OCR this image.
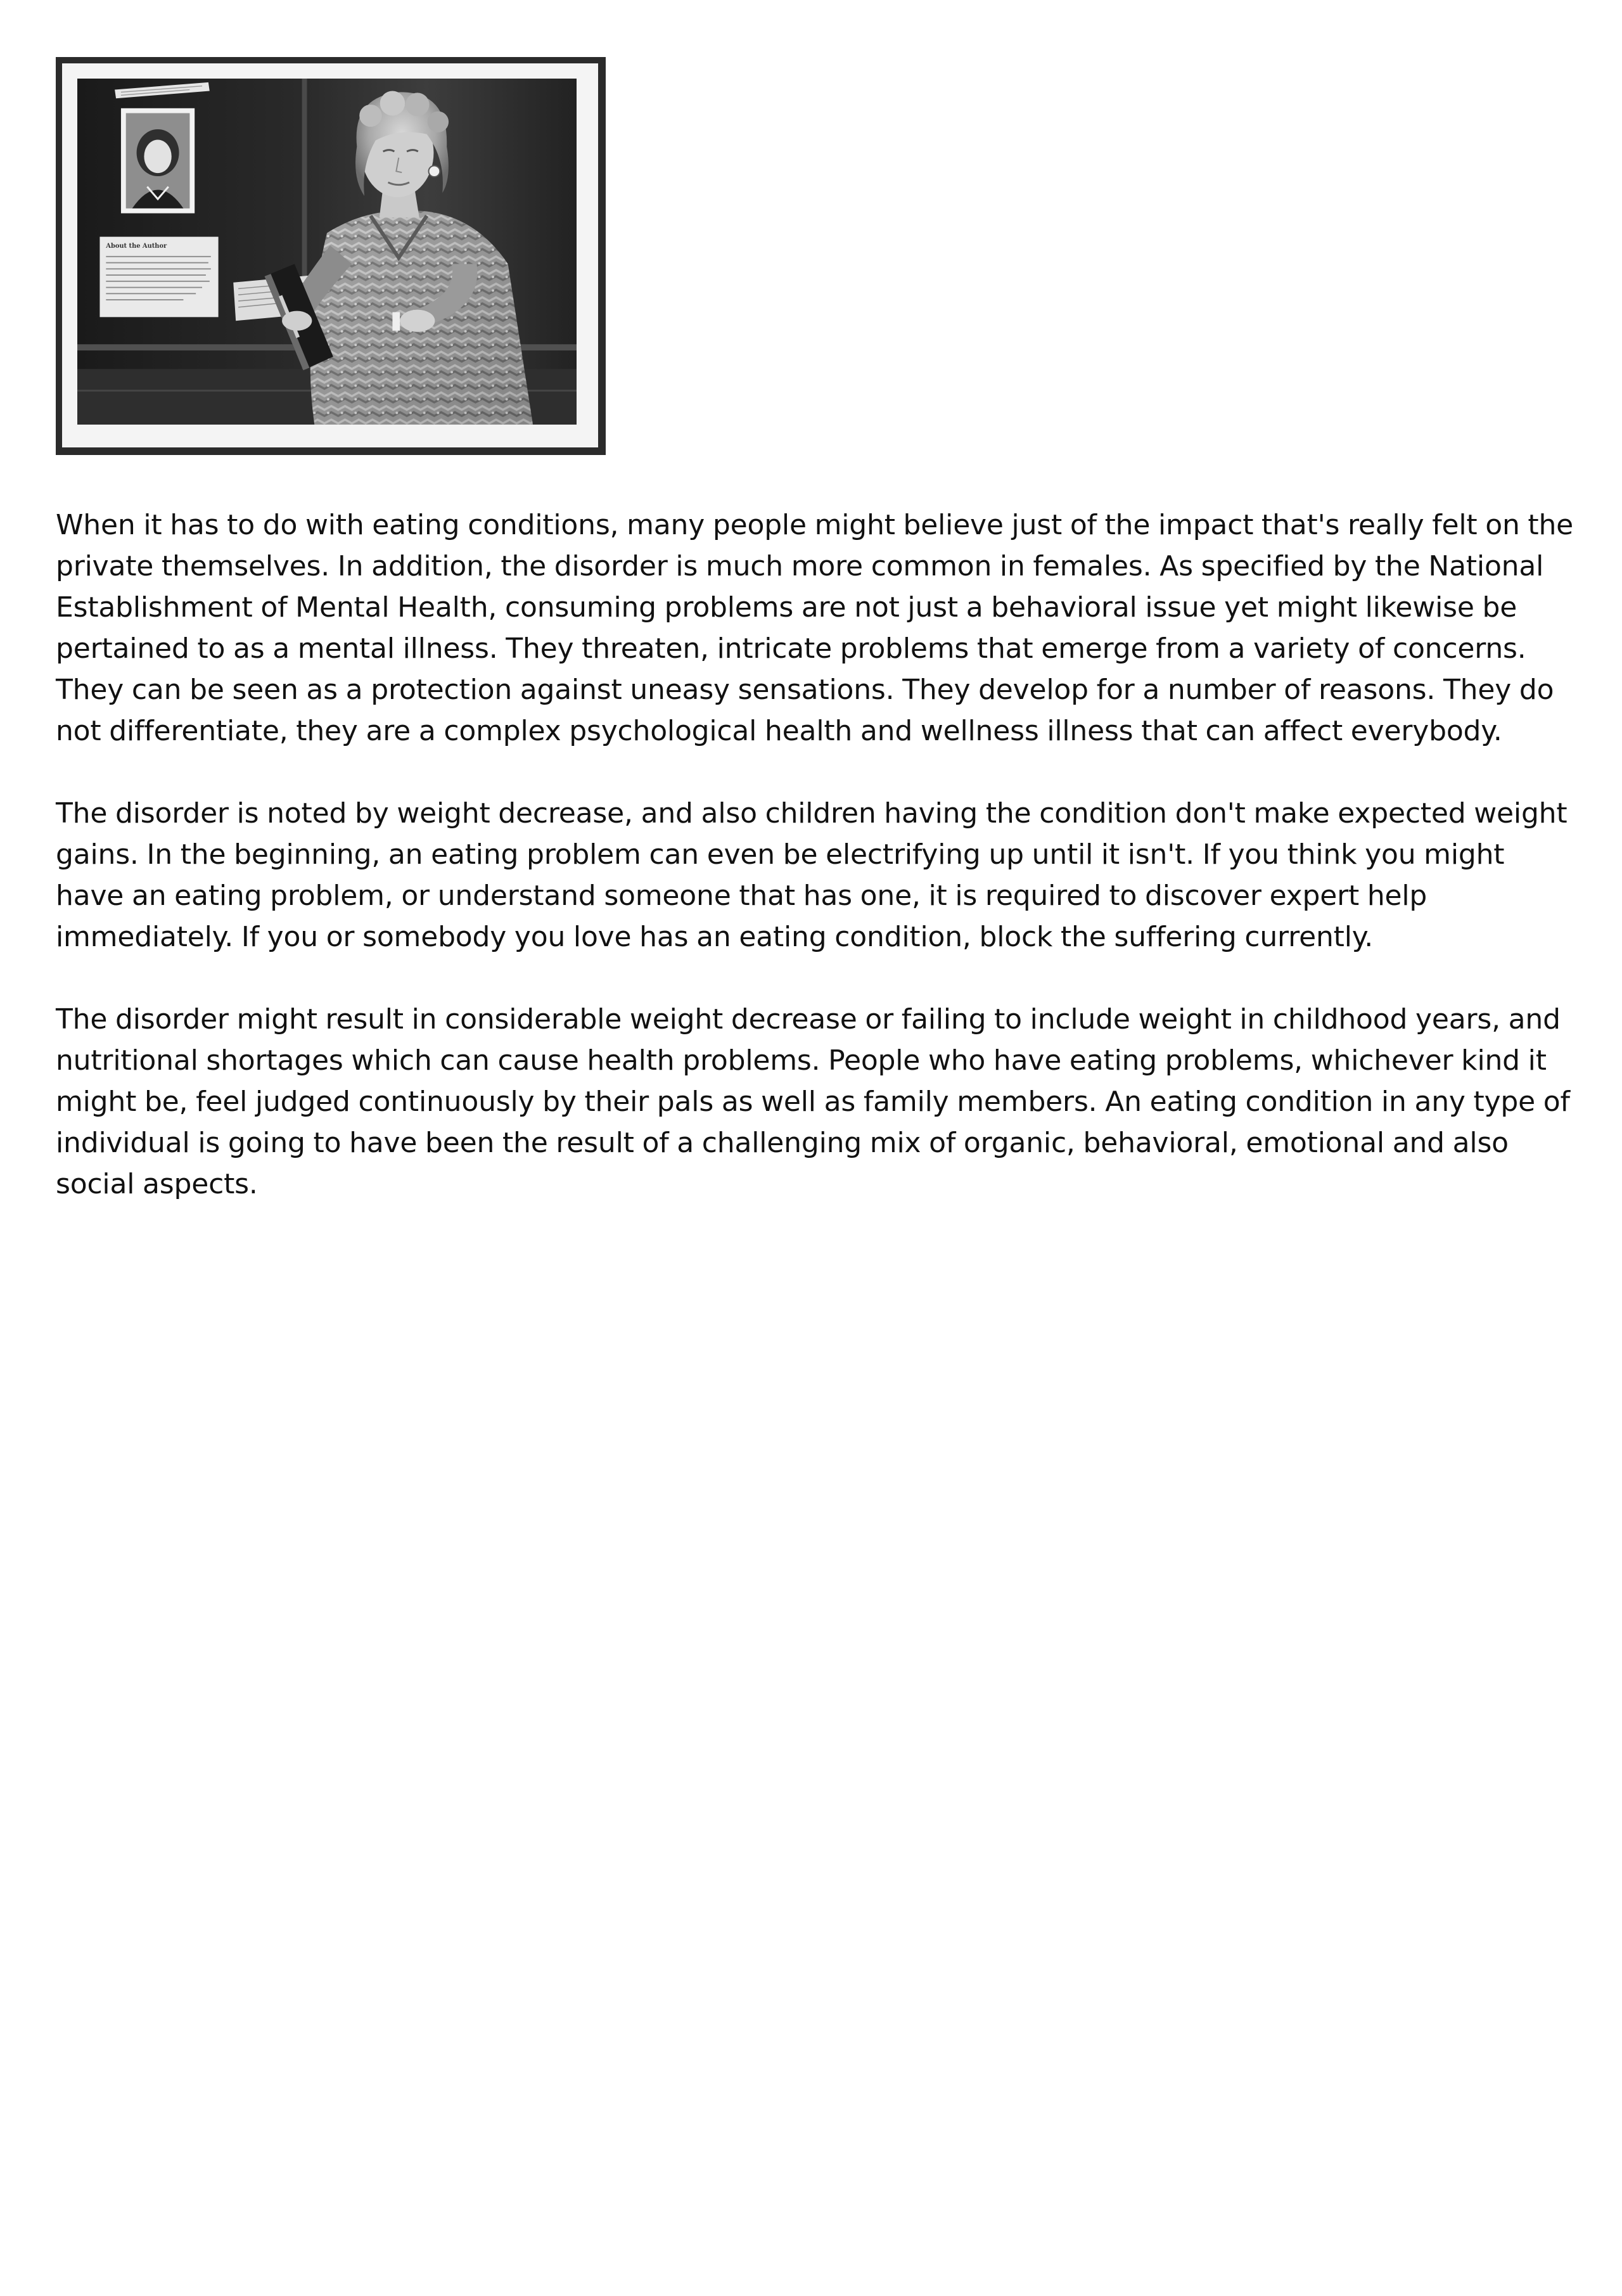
About the Author

When it has to do with eating conditions, many people might believe just of the impact that's really felt on the private themselves. In addition, the disorder is much more common in females. As specified by the National Establishment of Mental Health, consuming problems are not just a behavioral issue yet might likewise be pertained to as a mental illness. They threaten, intricate problems that emerge from a variety of concerns. They can be seen as a protection against uneasy sensations. They develop for a number of reasons. They do not differentiate, they are a complex psychological health and wellness illness that can affect everybody.

The disorder is noted by weight decrease, and also children having the condition don't make expected weight gains. In the beginning, an eating problem can even be electrifying up until it isn't. If you think you might have an eating problem, or understand someone that has one, it is required to discover expert help immediately. If you or somebody you love has an eating condition, block the suffering currently.

The disorder might result in considerable weight decrease or failing to include weight in childhood years, and nutritional shortages which can cause health problems. People who have eating problems, whichever kind it might be, feel judged continuously by their pals as well as family members. An eating condition in any type of individual is going to have been the result of a challenging mix of organic, behavioral, emotional and also social aspects.
